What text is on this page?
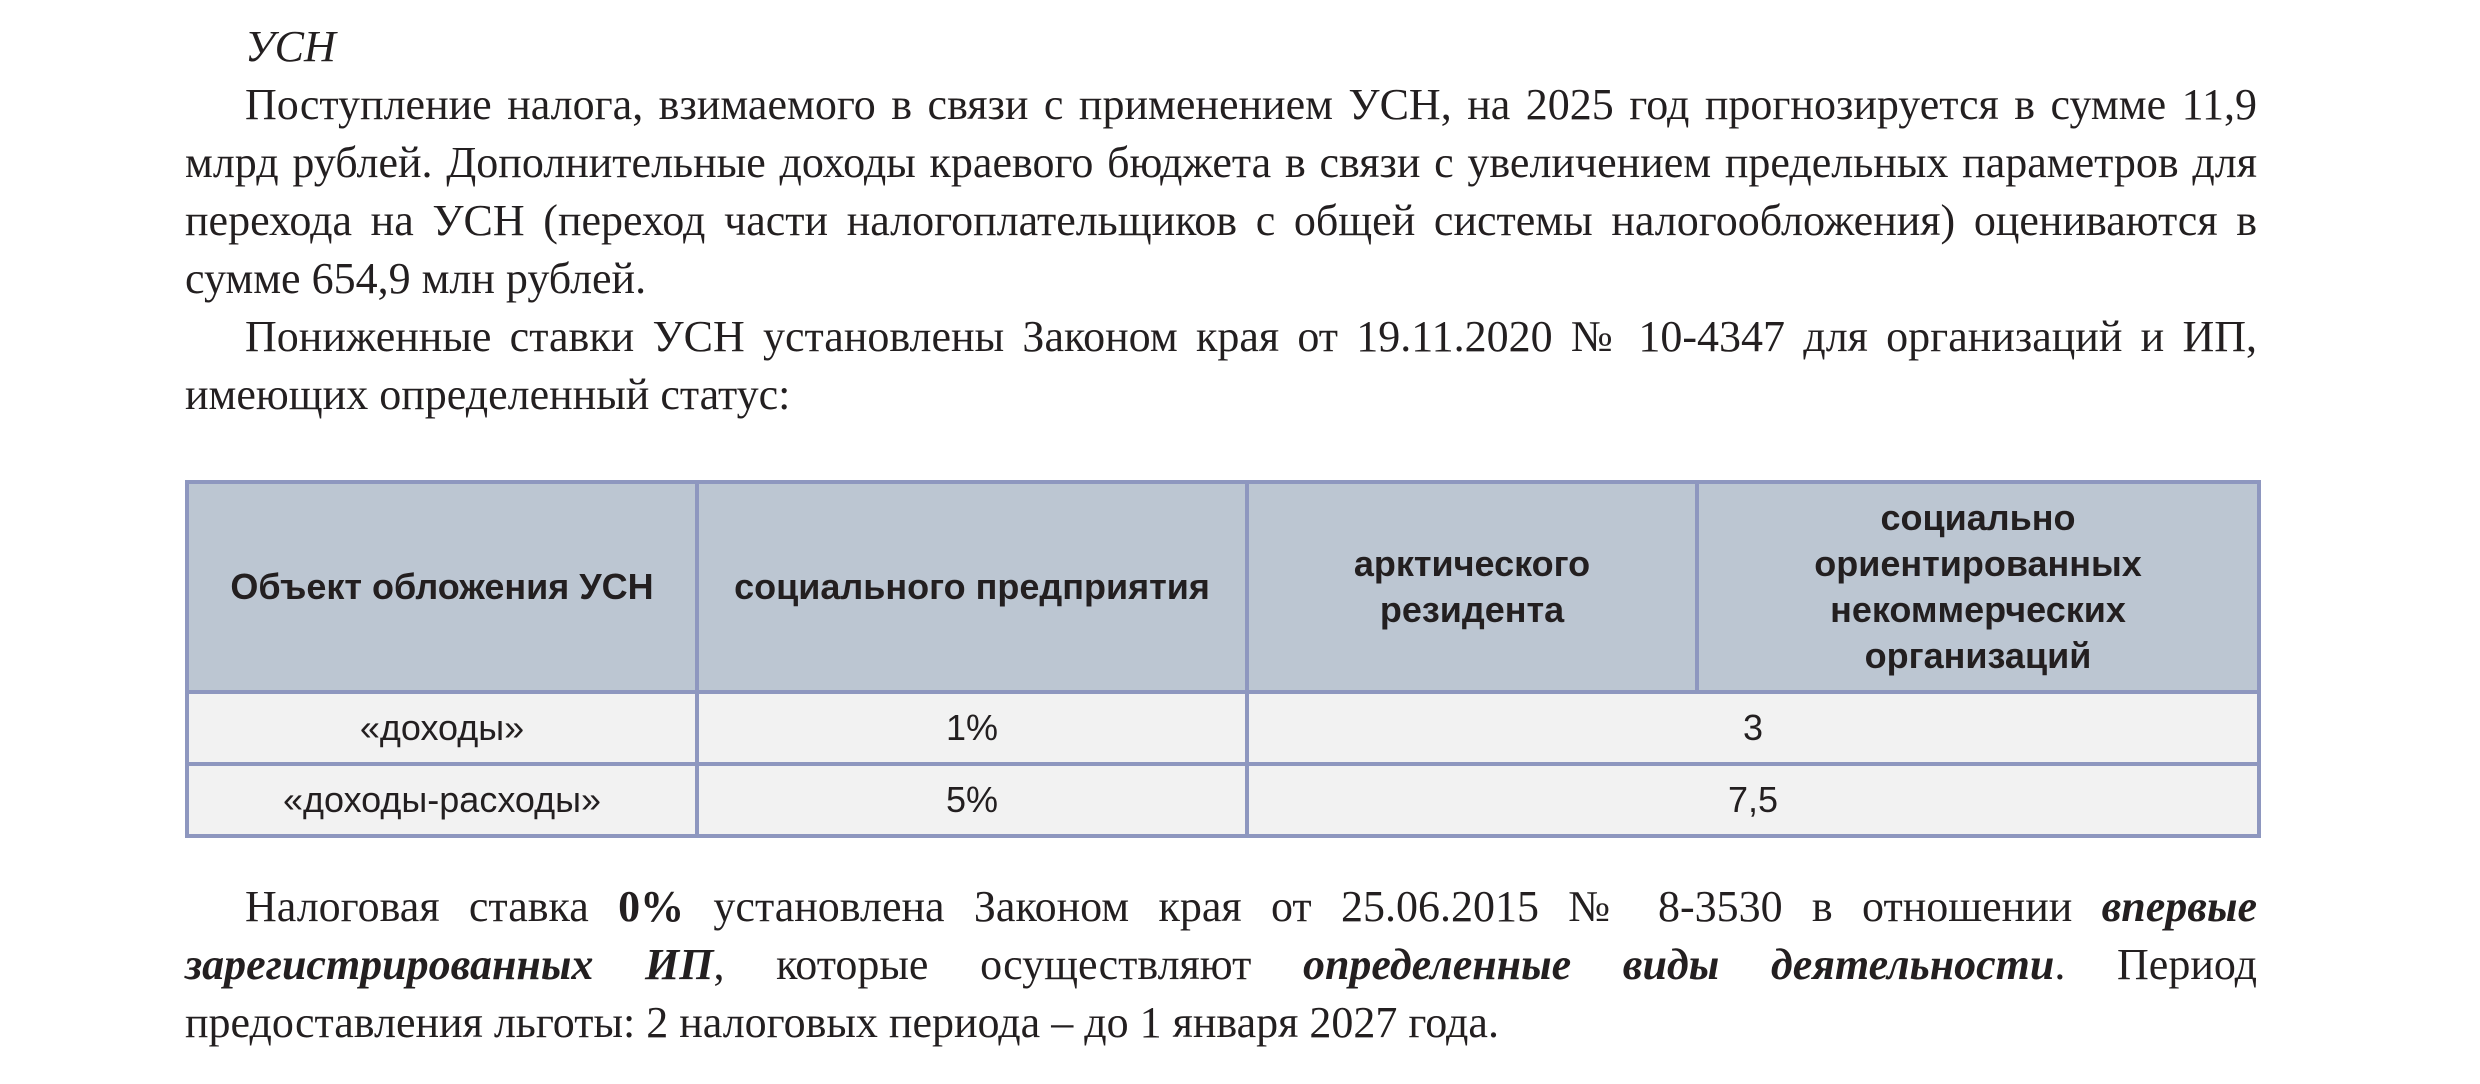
УСН

Поступление налога, взимаемого в связи с применением УСН, на 2025 год прогнозируется в сумме 11,9 млрд рублей. Дополнительные доходы краевого бюджета в связи с увеличением предельных параметров для перехода на УСН (переход части налогоплательщиков с общей системы налогообложения) оцениваются в сумме 654,9 млн рублей.

Пониженные ставки УСН установлены Законом края от 19.11.2020 № 10-4347 для организаций и ИП, имеющих определенный статус:

Объект обложения УСН	социального предприятия	арктического резидента	социально ориентированных некоммерческих организаций
«доходы»	1%	3	
«доходы-расходы»	5%	7,5	

Налоговая ставка 0% установлена Законом края от 25.06.2015 № 8-3530 в отношении впервые зарегистрированных ИП, которые осуществляют определенные виды деятельности. Период предоставления льготы: 2 налоговых периода – до 1 января 2027 года.
